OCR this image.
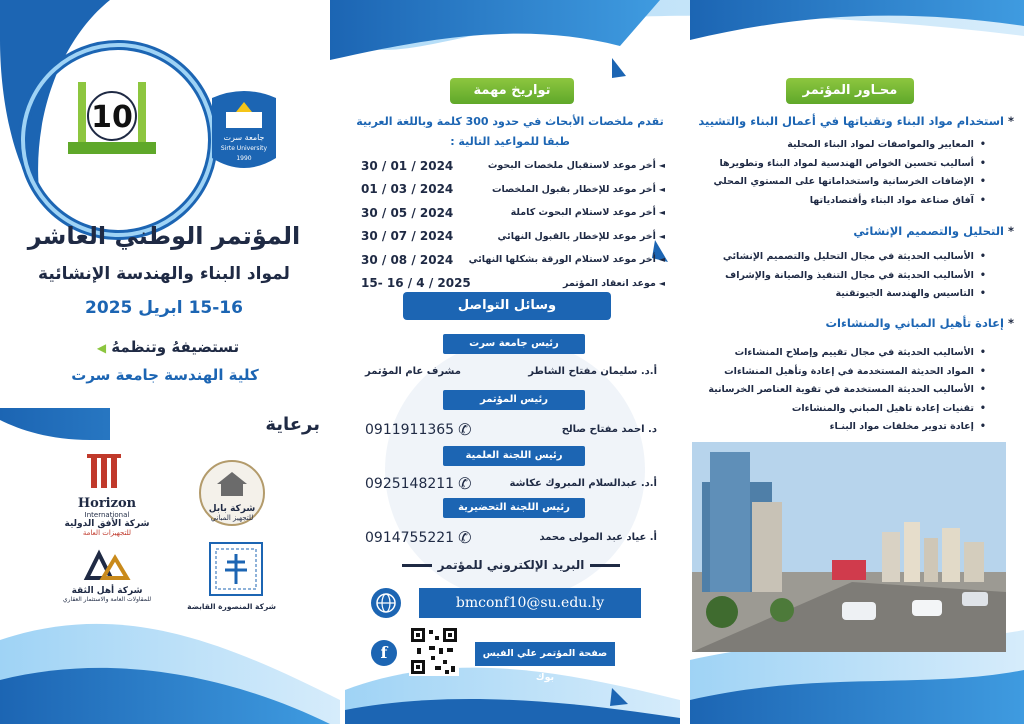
10
جامعة سرت
Sirte University
1990
المؤتمر الوطني العاشر
لمواد البناء والهندسة الإنشائية
15-16 ابريل 2025
تستضيفهُ وتنظمهُ ◀
كلية الهندسة جامعة سرت
برعاية
Horizon
International
شركة الأفق الدولية
للتجهيزات العامة
شركة بابل
للتجهيز المباني
شركة أهل الثقة
للمقاولات العامة والاستثمار العقاري
شركة المنصورة القابضة
تواريخ مهمة
تقدم ملخصات الأبحاث في حدود 300 كلمة وباللغة العربية
طبقا للمواعيد التالية :
◄أخر موعد لاستقبال ملخصات البحوث
30 / 01 / 2024
◄أخر موعد للإخطار بقبول الملخصات
01 / 03 / 2024
◄أخر موعد لاستلام البحوث كاملة
30 / 05 / 2024
◄أخر موعد للإخطار بالقبول النهائي
30 / 07 / 2024
◄أخر موعد لاستلام الورقة بشكلها النهائي
30 / 08 / 2024
◄موعد انعقاد المؤتمر
15- 16 / 4 / 2025
وسائل التواصل
رئيس جامعة سرت
أ.د. سليمان مفتاح الشاطر
مشرف عام المؤتمر
رئيس المؤتمر
د. احمد مفتاح صالح
0911911365 ✆
رئيس اللجنة العلمية
أ.د. عبدالسلام المبروك عكاشة
0925148211 ✆
رئيس اللجنة التحضيرية
أ. عياد عبد المولى محمد
0914755221 ✆
البريد الإلكتروني للمؤتمر
bmconf10@su.edu.ly
f	صفحة المؤتمر علي الفيس بوك
محـاور المؤتمر
*استخدام مواد البناء وتقنياتها في أعمال البناء والتشييد
• المعايير والمواصفات لمواد البناء المحلية
• أساليب تحسين الخواص الهندسية لمواد البناء وتطويرها
• الإضافات الخرسانية واستخداماتها على المستوي المحلي
• آفاق صناعة مواد البناء وأقتصادياتها
*التحليل والتصميم الإنشائي
• الأساليب الحديثة في مجال التحليل والتصميم الإنشائي
• الأساليب الحديثة في مجال التنفيذ والصيانة والإشراف
• التاسيس والهندسة الجيوتقنية
*إعادة تأهيل المباني والمنشاءات
• الأساليب الحديثة في مجال تقييم وإصلاح المنشاءات
• المواد الحديثة المستخدمة في إعادة وتأهيل المنشاءات
• الأساليب الحديثة المستخدمة في تقوية العناصر الخرسانية
• تقنيات إعادة تاهيل المباني والمنشاءات
• إعادة تدوير مخلفات مواد البنـاء
